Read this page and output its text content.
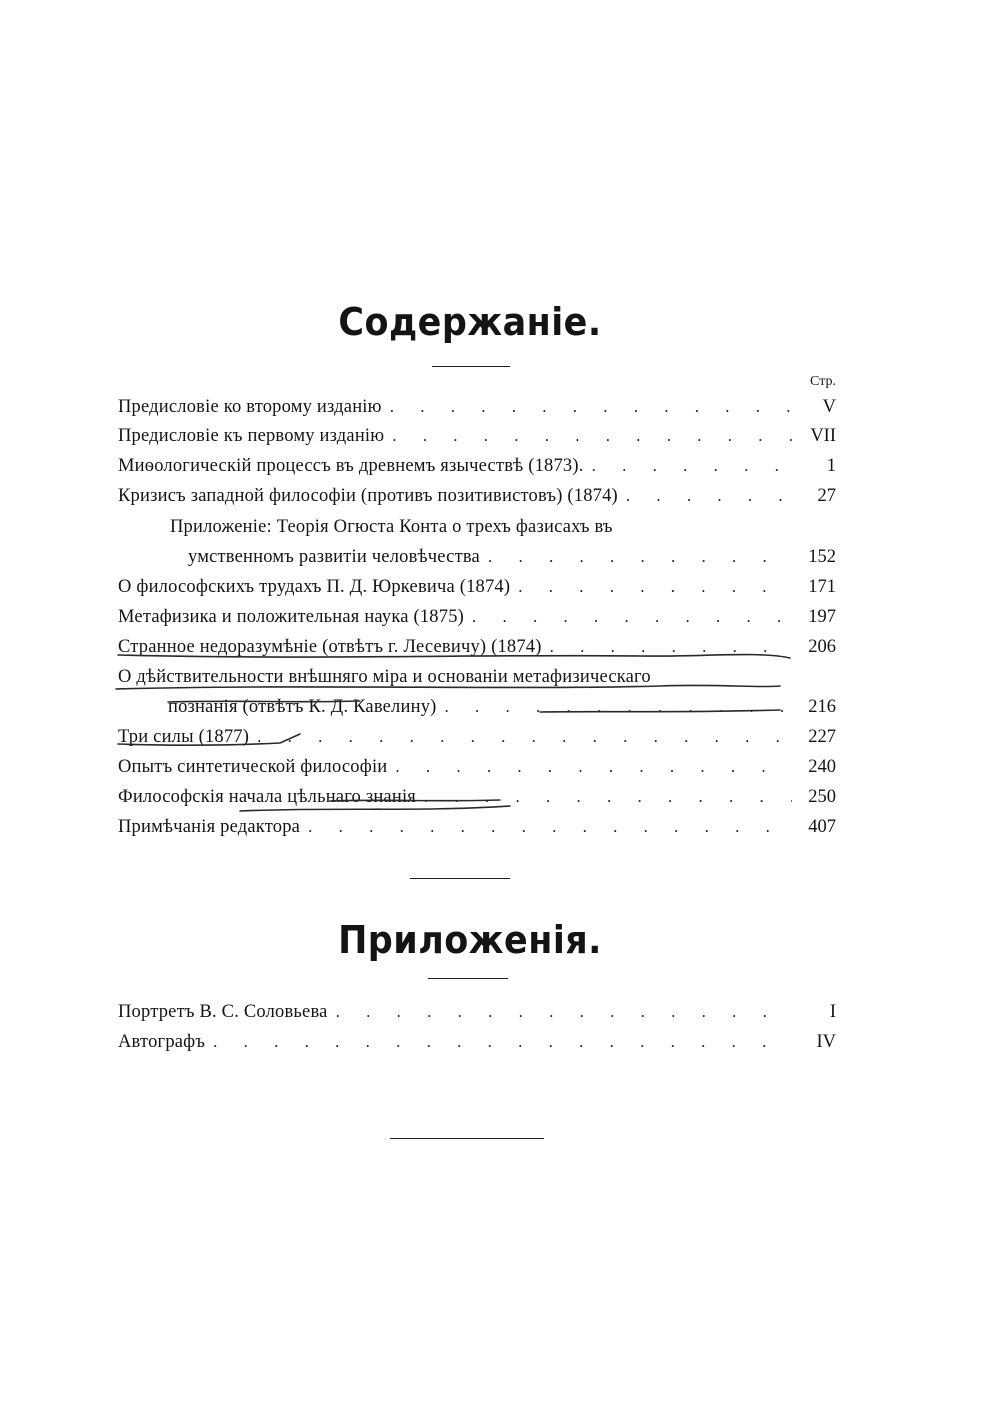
Содержанiе.
Стр.
Предисловiе ко второму изданiю . . .	V
Предисловiе къ первому изданiю . . .	VII
Миѳологическiй процессъ въ древнемъ язычествѣ (1873). . . .	1
Кризисъ западной философiи (противъ позитивистовъ) (1874) . . .	27
Приложенiе: Теорiя Огюста Конта о трехъ фазисахъ въ
умственномъ развитiи человѣчества . . .	152
О философскихъ трудахъ П. Д. Юркевича (1874) . . .	171
Метафизика и положительная наука (1875) . . .	197
Странное недоразумѣнiе (отвѣтъ г. Лесевичу) (1874) . . .	206
О дѣйствительности внѣшняго мiра и основанiи метафизическаго
познанiя (отвѣтъ К. Д. Кавелину) . . .	216
Три силы (1877) . . .	227
Опытъ синтетической философiи . . .	240
Философскiя начала цѣльнаго знанiя . . .	250
Примѣчанiя редактора . . .	407
Приложенiя.
Портретъ В. С. Соловьева . . .	I
Автографъ . . .	IV
